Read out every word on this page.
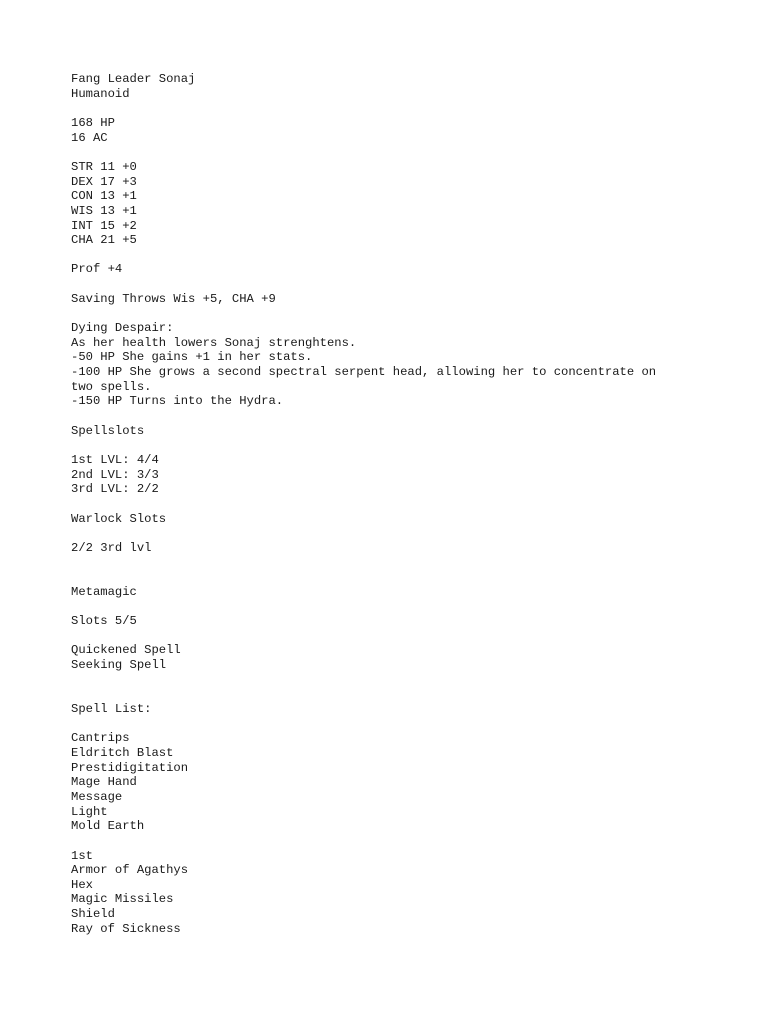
Fang Leader Sonaj
Humanoid
168 HP
16 AC
STR 11 +0
DEX 17 +3
CON 13 +1
WIS 13 +1
INT 15 +2
CHA 21 +5
Prof +4
Saving Throws Wis +5, CHA +9
Dying Despair:
As her health lowers Sonaj strenghtens.
-50 HP She gains +1 in her stats.
-100 HP She grows a second spectral serpent head, allowing her to concentrate on
two spells.
-150 HP Turns into the Hydra.
Spellslots
1st LVL: 4/4
2nd LVL: 3/3
3rd LVL: 2/2
Warlock Slots
2/2 3rd lvl
Metamagic
Slots 5/5
Quickened Spell
Seeking Spell
Spell List:
Cantrips
Eldritch Blast
Prestidigitation
Mage Hand
Message
Light
Mold Earth
1st
Armor of Agathys
Hex
Magic Missiles
Shield
Ray of Sickness
